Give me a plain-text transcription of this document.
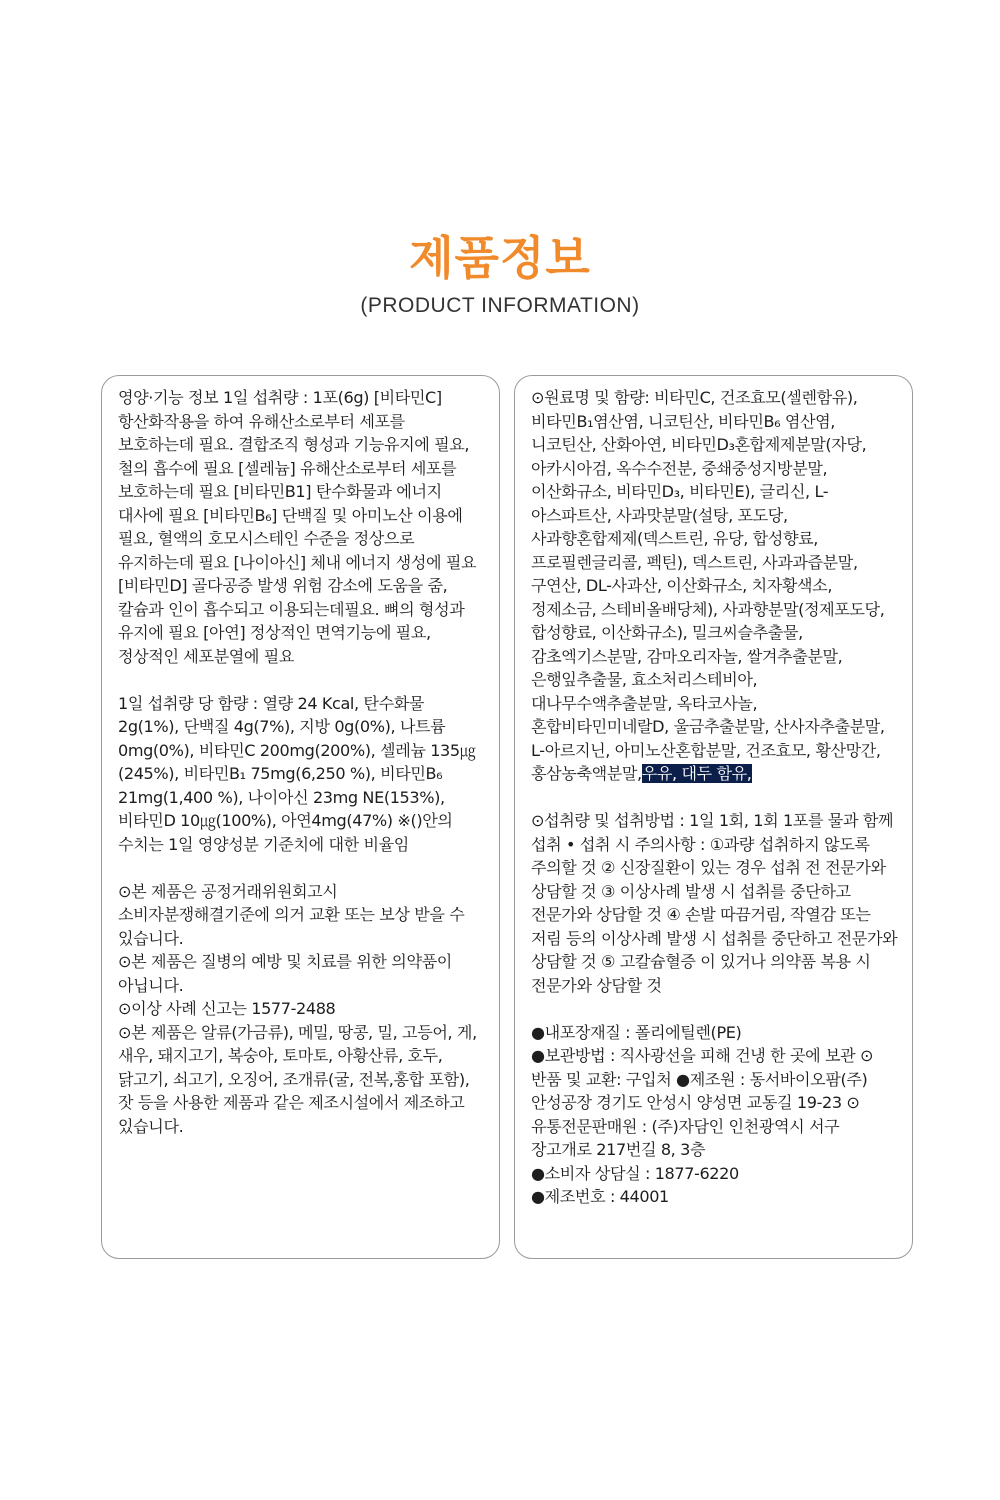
제품정보
(PRODUCT INFORMATION)

영양·기능 정보 1일 섭취량 : 1포(6g) [비타민C] 항산화작용을 하여 유해산소로부터 세포를 보호하는데 필요. 결합조직 형성과 기능유지에 필요, 철의 흡수에 필요 [셀레늄] 유해산소로부터 세포를 보호하는데 필요 [비타민B1] 탄수화물과 에너지 대사에 필요 [비타민B₆] 단백질 및 아미노산 이용에 필요, 혈액의 호모시스테인 수준을 정상으로 유지하는데 필요 [나이아신] 체내 에너지 생성에 필요 [비타민D] 골다공증 발생 위험 감소에 도움을 줌, 칼슘과 인이 흡수되고 이용되는데필요. 뼈의 형성과 유지에 필요 [아연] 정상적인 면역기능에 필요, 정상적인 세포분열에 필요

1일 섭취량 당 함량 : 열량 24 Kcal, 탄수화물 2g(1%), 단백질 4g(7%), 지방 0g(0%), 나트륨 0mg(0%), 비타민C 200mg(200%), 셀레늄 135㎍(245%), 비타민B₁ 75mg(6,250 %), 비타민B₆ 21mg(1,400 %), 나이아신 23mg NE(153%), 비타민D 10㎍(100%), 아연4mg(47%) ※()안의 수치는 1일 영양성분 기준치에 대한 비율임

⊙본 제품은 공정거래위원회고시 소비자분쟁해결기준에 의거 교환 또는 보상 받을 수 있습니다.

⊙본 제품은 질병의 예방 및 치료를 위한 의약품이 아닙니다.

⊙이상 사례 신고는 1577-2488

⊙본 제품은 알류(가금류), 메밀, 땅콩, 밀, 고등어, 게, 새우, 돼지고기, 복숭아, 토마토, 아황산류, 호두, 닭고기, 쇠고기, 오징어, 조개류(굴, 전복,홍합 포함), 잣 등을 사용한 제품과 같은 제조시설에서 제조하고 있습니다.

⊙원료명 및 함량: 비타민C, 건조효모(셀렌함유), 비타민B₁염산염, 니코틴산, 비타민B₆ 염산염, 니코틴산, 산화아연, 비타민D₃혼합제제분말(자당, 아카시아검, 옥수수전분, 중쇄중성지방분말, 이산화규소, 비타민D₃, 비타민E), 글리신, L-아스파트산, 사과맛분말(설탕, 포도당, 사과향혼합제제(덱스트린, 유당, 합성향료, 프로필렌글리콜, 펙틴), 덱스트린, 사과과즙분말, 구연산, DL-사과산, 이산화규소, 치자황색소, 정제소금, 스테비올배당체), 사과향분말(정제포도당, 합성향료, 이산화규소), 밀크씨슬추출물, 감초엑기스분말, 감마오리자놀, 쌀겨추출분말, 은행잎추출물, 효소처리스테비아, 대나무수액추출분말, 옥타코사놀, 혼합비타민미네랄D, 울금추출분말, 산사자추출분말, L-아르지닌, 아미노산혼합분말, 건조효모, 황산망간, 홍삼농축액분말,우유, 대두 함유,

⊙섭취량 및 섭취방법 : 1일 1회, 1회 1포를 물과 함께 섭취 • 섭취 시 주의사항 : ①과량 섭취하지 않도록 주의할 것 ② 신장질환이 있는 경우 섭취 전 전문가와 상담할 것 ③ 이상사례 발생 시 섭취를 중단하고 전문가와 상담할 것 ④ 손발 따끔거림, 작열감 또는 저림 등의 이상사례 발생 시 섭취를 중단하고 전문가와 상담할 것 ⑤ 고칼슘혈증 이 있거나 의약품 복용 시 전문가와 상담할 것

●내포장재질 : 폴리에틸렌(PE)

●보관방법 : 직사광선을 피해 건냉 한 곳에 보관 ⊙반품 및 교환: 구입처 ●제조원 : 동서바이오팜(주) 안성공장 경기도 안성시 양성면 교동길 19-23 ⊙유통전문판매원 : (주)자담인 인천광역시 서구 장고개로 217번길 8, 3층

●소비자 상담실 : 1877-6220

●제조번호 : 44001
